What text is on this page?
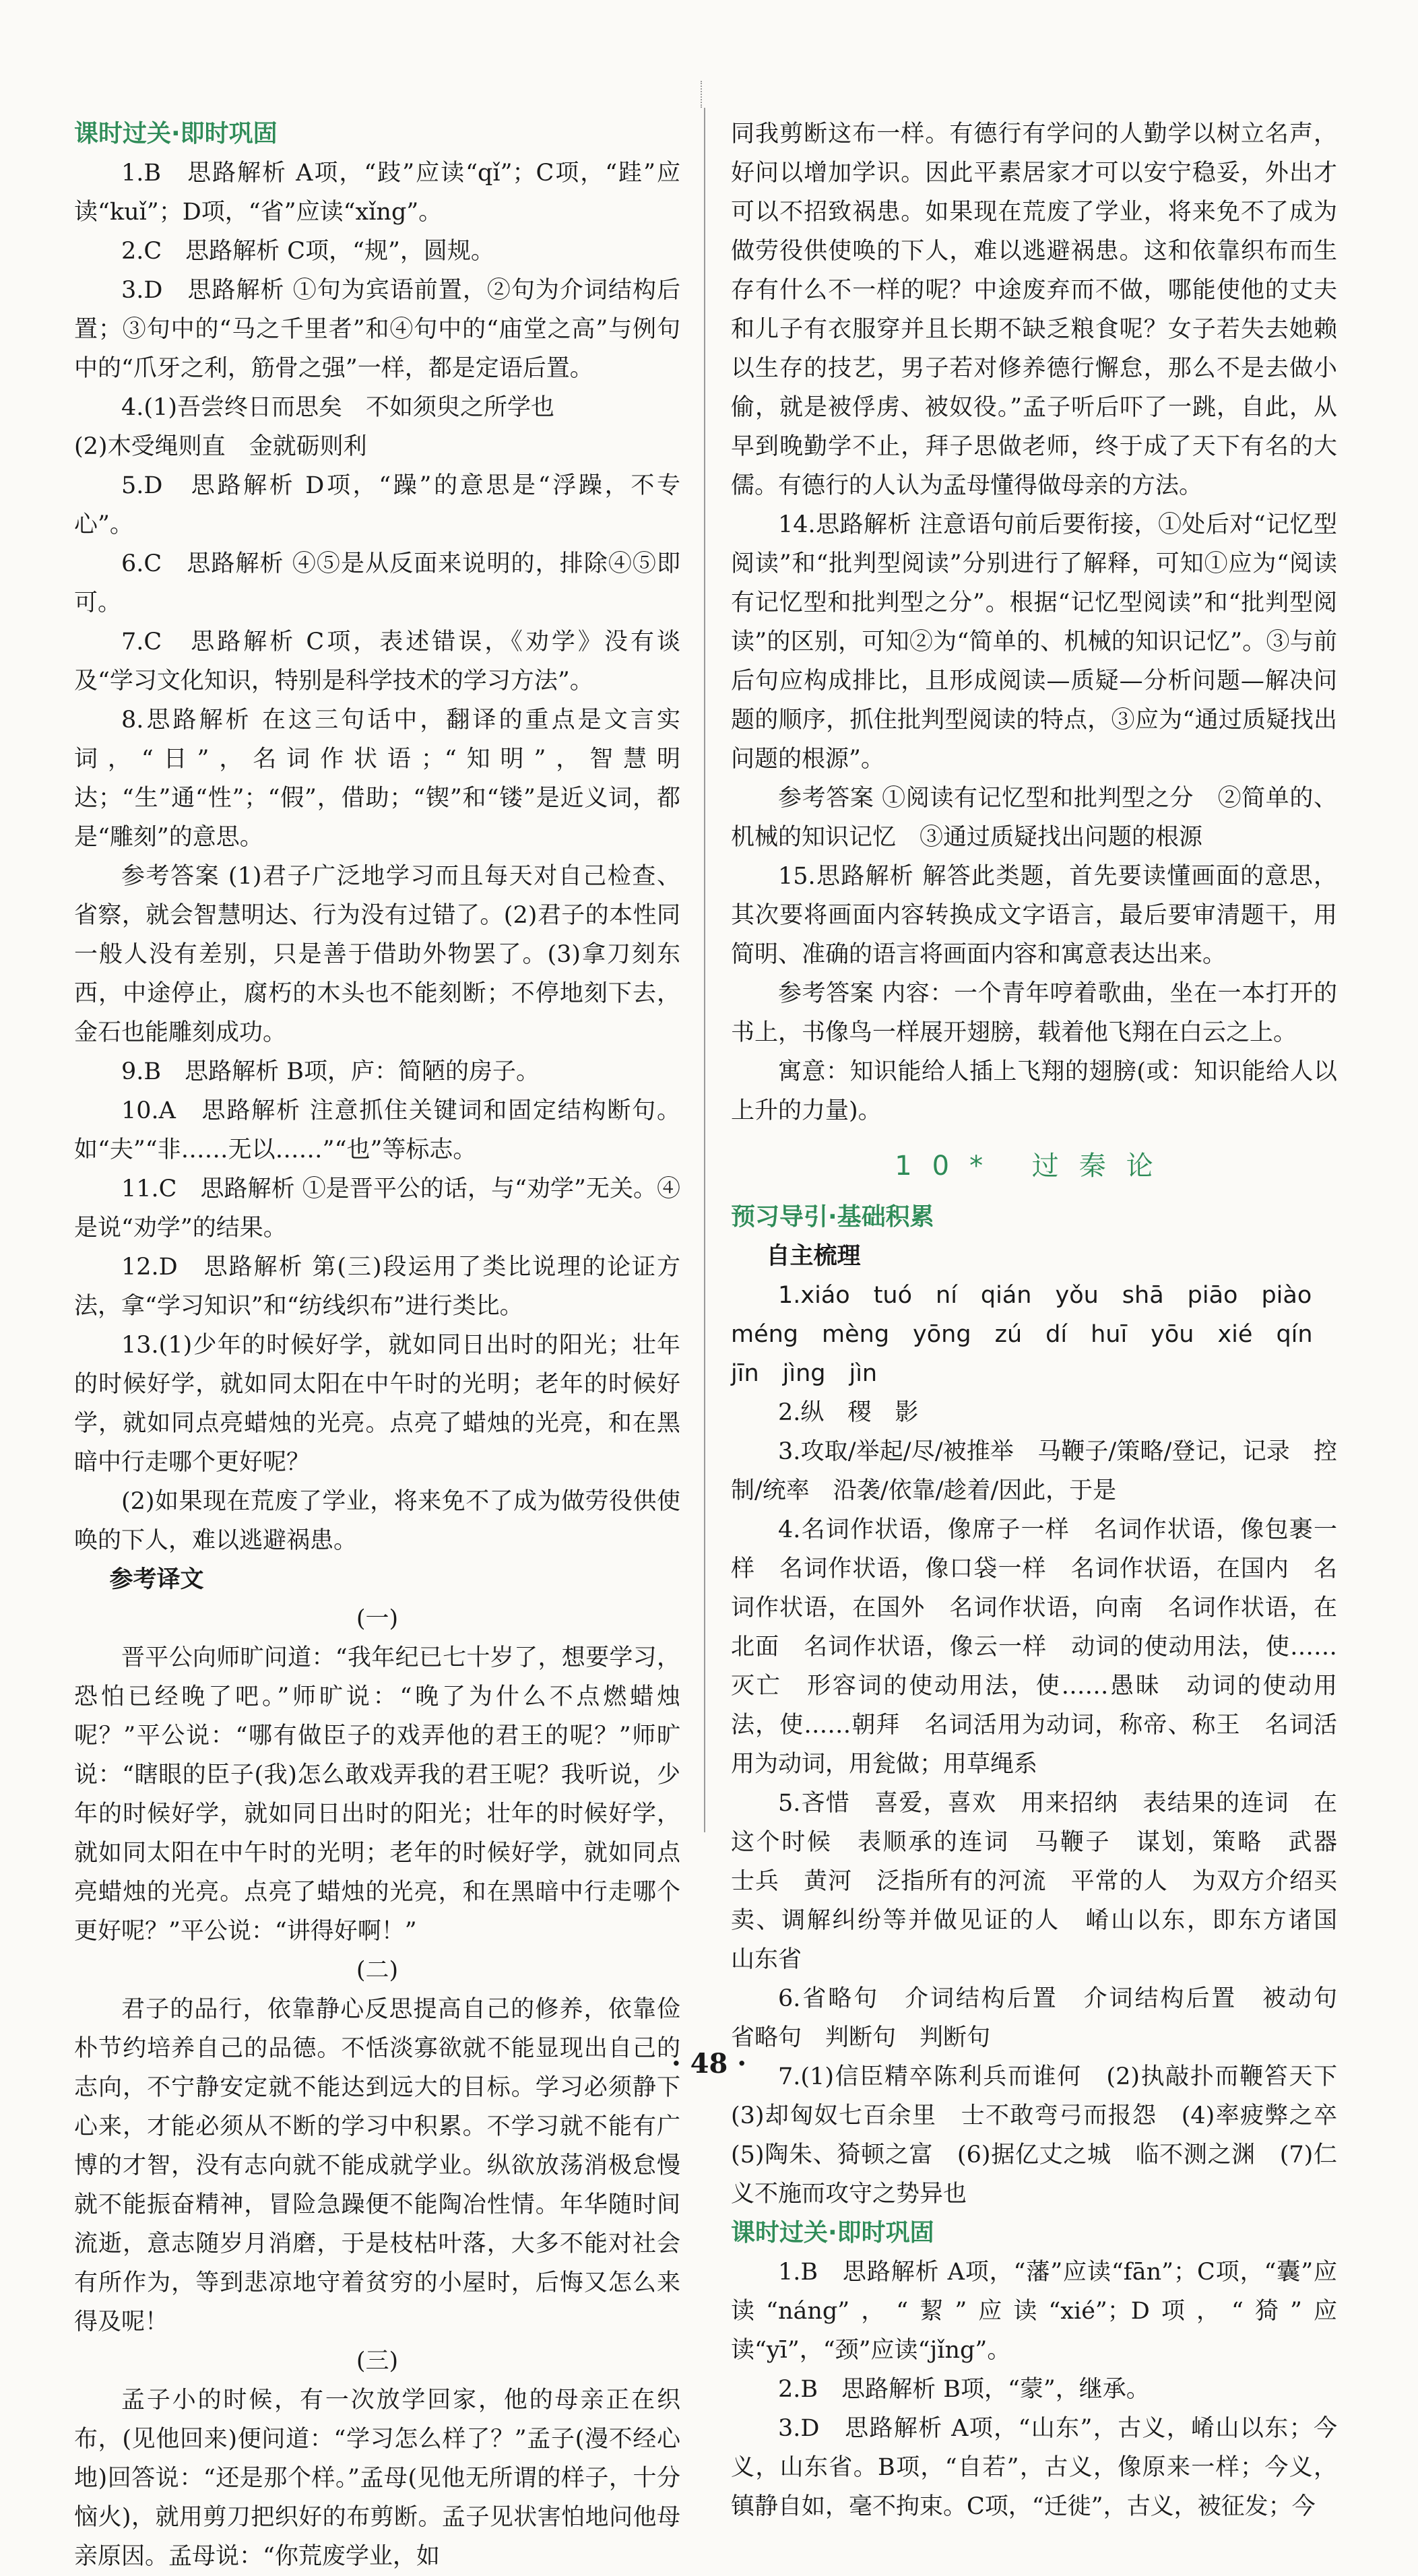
课时过关·即时巩固

1.B　思路解析 A项，“跂”应读“qǐ”；C项，“跬”应读“kuǐ”；D项，“省”应读“xǐng”。

2.C　思路解析 C项，“规”，圆规。

3.D　思路解析 ①句为宾语前置，②句为介词结构后置；③句中的“马之千里者”和④句中的“庙堂之高”与例句中的“爪牙之利，筋骨之强”一样，都是定语后置。

4.(1)吾尝终日而思矣　不如须臾之所学也

(2)木受绳则直　金就砺则利

5.D　思路解析 D项，“躁”的意思是“浮躁，不专心”。

6.C　思路解析 ④⑤是从反面来说明的，排除④⑤即可。

7.C　思路解析 C项，表述错误，《劝学》没有谈及“学习文化知识，特别是科学技术的学习方法”。

8.思路解析 在这三句话中，翻译的重点是文言实词，“日”，名词作状语；“知明”，智慧明达；“生”通“性”；“假”，借助；“锲”和“镂”是近义词，都是“雕刻”的意思。

参考答案 (1)君子广泛地学习而且每天对自己检查、省察，就会智慧明达、行为没有过错了。(2)君子的本性同一般人没有差别，只是善于借助外物罢了。(3)拿刀刻东西，中途停止，腐朽的木头也不能刻断；不停地刻下去，金石也能雕刻成功。

9.B　思路解析 B项，庐：简陋的房子。

10.A　思路解析 注意抓住关键词和固定结构断句。如“夫”“非……无以……”“也”等标志。

11.C　思路解析 ①是晋平公的话，与“劝学”无关。④是说“劝学”的结果。

12.D　思路解析 第(三)段运用了类比说理的论证方法，拿“学习知识”和“纺线织布”进行类比。

13.(1)少年的时候好学，就如同日出时的阳光；壮年的时候好学，就如同太阳在中午时的光明；老年的时候好学，就如同点亮蜡烛的光亮。点亮了蜡烛的光亮，和在黑暗中行走哪个更好呢？

(2)如果现在荒废了学业，将来免不了成为做劳役供使唤的下人，难以逃避祸患。

参考译文

(一)

晋平公向师旷问道：“我年纪已七十岁了，想要学习，恐怕已经晚了吧。”师旷说：“晚了为什么不点燃蜡烛呢？”平公说：“哪有做臣子的戏弄他的君王的呢？”师旷说：“瞎眼的臣子(我)怎么敢戏弄我的君王呢？我听说，少年的时候好学，就如同日出时的阳光；壮年的时候好学，就如同太阳在中午时的光明；老年的时候好学，就如同点亮蜡烛的光亮。点亮了蜡烛的光亮，和在黑暗中行走哪个更好呢？”平公说：“讲得好啊！”

(二)

君子的品行，依靠静心反思提高自己的修养，依靠俭朴节约培养自己的品德。不恬淡寡欲就不能显现出自己的志向，不宁静安定就不能达到远大的目标。学习必须静下心来，才能必须从不断的学习中积累。不学习就不能有广博的才智，没有志向就不能成就学业。纵欲放荡消极怠慢就不能振奋精神，冒险急躁便不能陶冶性情。年华随时间流逝，意志随岁月消磨，于是枝枯叶落，大多不能对社会有所作为，等到悲凉地守着贫穷的小屋时，后悔又怎么来得及呢！

(三)

孟子小的时候，有一次放学回家，他的母亲正在织布，(见他回来)便问道：“学习怎么样了？”孟子(漫不经心地)回答说：“还是那个样。”孟母(见他无所谓的样子，十分恼火)，就用剪刀把织好的布剪断。孟子见状害怕地问他母亲原因。孟母说：“你荒废学业，如

同我剪断这布一样。有德行有学问的人勤学以树立名声，好问以增加学识。因此平素居家才可以安宁稳妥，外出才可以不招致祸患。如果现在荒废了学业，将来免不了成为做劳役供使唤的下人，难以逃避祸患。这和依靠织布而生存有什么不一样的呢？中途废弃而不做，哪能使他的丈夫和儿子有衣服穿并且长期不缺乏粮食呢？女子若失去她赖以生存的技艺，男子若对修养德行懈怠，那么不是去做小偷，就是被俘虏、被奴役。”孟子听后吓了一跳，自此，从早到晚勤学不止，拜子思做老师，终于成了天下有名的大儒。有德行的人认为孟母懂得做母亲的方法。

14.思路解析 注意语句前后要衔接，①处后对“记忆型阅读”和“批判型阅读”分别进行了解释，可知①应为“阅读有记忆型和批判型之分”。根据“记忆型阅读”和“批判型阅读”的区别，可知②为“简单的、机械的知识记忆”。③与前后句应构成排比，且形成阅读—质疑—分析问题—解决问题的顺序，抓住批判型阅读的特点，③应为“通过质疑找出问题的根源”。

参考答案 ①阅读有记忆型和批判型之分　②简单的、机械的知识记忆　③通过质疑找出问题的根源

15.思路解析 解答此类题，首先要读懂画面的意思，其次要将画面内容转换成文字语言，最后要审清题干，用简明、准确的语言将画面内容和寓意表达出来。

参考答案 内容：一个青年哼着歌曲，坐在一本打开的书上，书像鸟一样展开翅膀，载着他飞翔在白云之上。

寓意：知识能给人插上飞翔的翅膀(或：知识能给人以上升的力量)。

10* 过秦论

预习导引·基础积累

自主梳理

1.xiáo　tuó　ní　qián　yǒu　shā　piāo　piào

méng　mèng　yōng　zú　dí　huī　yōu　xié　qín

jīn　jìng　jìn

2.纵　稷　影

3.攻取/举起/尽/被推举　马鞭子/策略/登记，记录　控制/统率　沿袭/依靠/趁着/因此，于是

4.名词作状语，像席子一样　名词作状语，像包裹一样　名词作状语，像口袋一样　名词作状语，在国内　名词作状语，在国外　名词作状语，向南　名词作状语，在北面　名词作状语，像云一样　动词的使动用法，使……灭亡　形容词的使动用法，使……愚昧　动词的使动用法，使……朝拜　名词活用为动词，称帝、称王　名词活用为动词，用瓮做；用草绳系

5.吝惜　喜爱，喜欢　用来招纳　表结果的连词　在这个时候　表顺承的连词　马鞭子　谋划，策略　武器　士兵　黄河　泛指所有的河流　平常的人　为双方介绍买卖、调解纠纷等并做见证的人　崤山以东，即东方诸国　山东省

6.省略句　介词结构后置　介词结构后置　被动句　省略句　判断句　判断句

7.(1)信臣精卒陈利兵而谁何　(2)执敲扑而鞭笞天下　(3)却匈奴七百余里　士不敢弯弓而报怨　(4)率疲弊之卒　(5)陶朱、猗顿之富　(6)据亿丈之城　临不测之渊　(7)仁义不施而攻守之势异也

课时过关·即时巩固

1.B　思路解析 A项，“藩”应读“fān”；C项，“囊”应读“náng”，“絜”应读“xié”；D项，“猗”应读“yī”，“颈”应读“jǐng”。

2.B　思路解析 B项，“蒙”，继承。

3.D　思路解析 A项，“山东”，古义，崤山以东；今义，山东省。B项，“自若”，古义，像原来一样；今义，镇静自如，毫不拘束。C项，“迁徙”，古义，被征发；今

· 48 ·
